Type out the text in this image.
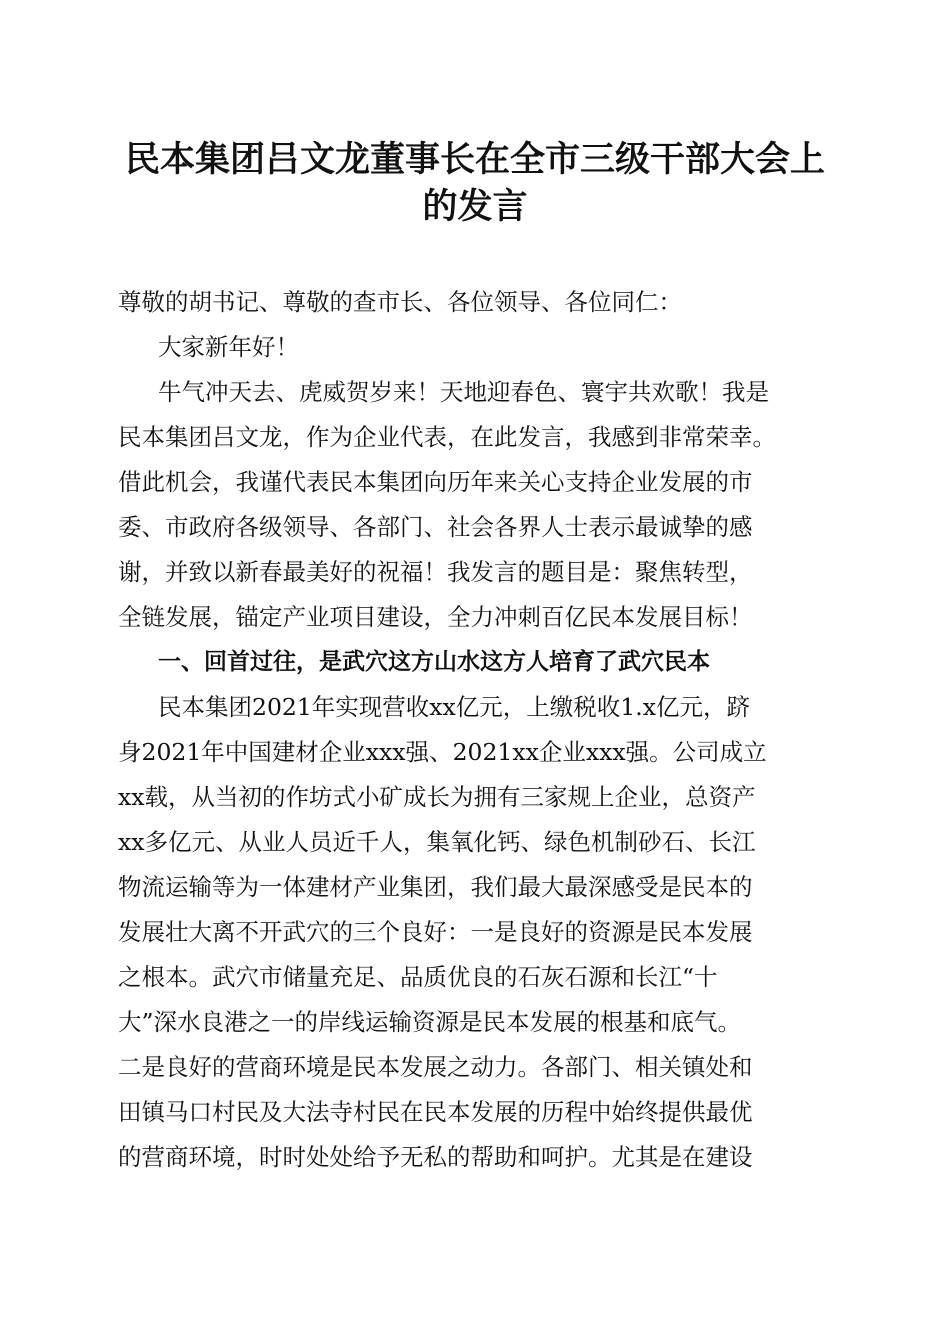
民本集团吕文龙董事长在全市三级干部大会上
的发言
尊敬的胡书记、尊敬的查市长、各位领导、各位同仁：
大家新年好！
牛气冲天去、虎威贺岁来！天地迎春色、寰宇共欢歌！我是
民本集团吕文龙，作为企业代表，在此发言，我感到非常荣幸。
借此机会，我谨代表民本集团向历年来关心支持企业发展的市
委、市政府各级领导、各部门、社会各界人士表示最诚挚的感
谢，并致以新春最美好的祝福！我发言的题目是：聚焦转型，
全链发展，锚定产业项目建设，全力冲刺百亿民本发展目标！
一、回首过往，是武穴这方山水这方人培育了武穴民本
民本集团2021年实现营收xx亿元，上缴税收1.x亿元，跻
身2021年中国建材企业xxx强、2021xx企业xxx强。公司成立
xx载，从当初的作坊式小矿成长为拥有三家规上企业，总资产
xx多亿元、从业人员近千人，集氧化钙、绿色机制砂石、长江
物流运输等为一体建材产业集团，我们最大最深感受是民本的
发展壮大离不开武穴的三个良好：一是良好的资源是民本发展
之根本。武穴市储量充足、品质优良的石灰石源和长江“十
大”深水良港之一的岸线运输资源是民本发展的根基和底气。
二是良好的营商环境是民本发展之动力。各部门、相关镇处和
田镇马口村民及大法寺村民在民本发展的历程中始终提供最优
的营商环境，时时处处给予无私的帮助和呵护。尤其是在建设
